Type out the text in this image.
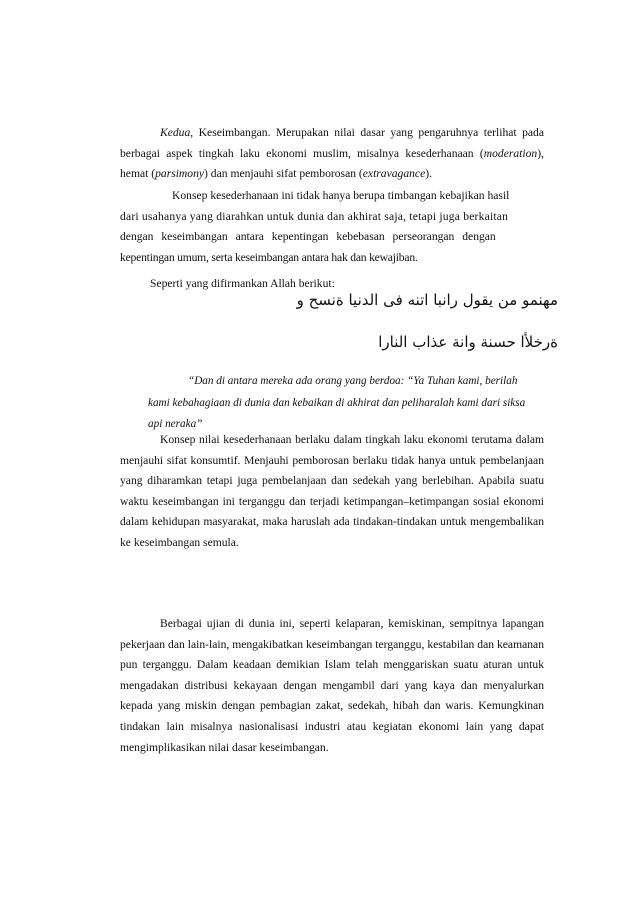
Kedua, Keseimbangan. Merupakan nilai dasar yang pengaruhnya terlihat pada berbagai aspek tingkah laku ekonomi muslim, misalnya kesederhanaan (moderation), hemat (parsimony) dan menjauhi sifat pemborosan (extravagance).

Konsep kesederhanaan ini tidak hanya berupa timbangan kebajikan hasil
dari usahanya yang diarahkan untuk dunia dan akhirat saja, tetapi juga berkaitan
dengan keseimbangan antara kepentingan kebebasan perseorangan dengan
kepentingan umum, serta keseimbangan antara hak dan kewajiban.

Seperti yang difirmankan Allah berikut:
مهنمو من يقول رانبا اتنه ﻓﻰ الدنيا ةنسح و
ةرخلأا حسنة وانة عذاب النارا
“Dan di antara mereka ada orang yang berdoa: “Ya Tuhan kami, berilah
kami kebahagiaan di dunia dan kebaikan di akhirat dan peliharalah kami dari siksa api neraka”

Konsep nilai kesederhanaan berlaku dalam tingkah laku ekonomi terutama dalam menjauhi sifat konsumtif. Menjauhi pemborosan berlaku tidak hanya untuk pembelanjaan yang diharamkan tetapi juga pembelanjaan dan sedekah yang berlebihan. Apabila suatu waktu keseimbangan ini terganggu dan terjadi ketimpangan–ketimpangan sosial ekonomi dalam kehidupan masyarakat, maka haruslah ada tindakan-tindakan untuk mengembalikan ke keseimbangan semula.

Berbagai ujian di dunia ini, seperti kelaparan, kemiskinan, sempitnya lapangan pekerjaan dan lain-lain, mengakibatkan keseimbangan terganggu, kestabilan dan keamanan pun terganggu. Dalam keadaan demikian Islam telah menggariskan suatu aturan untuk mengadakan distribusi kekayaan dengan mengambil dari yang kaya dan menyalurkan kepada yang miskin dengan pembagian zakat, sedekah, hibah dan waris. Kemungkinan tindakan lain misalnya nasionalisasi industri atau kegiatan ekonomi lain yang dapat mengimplikasikan nilai dasar keseimbangan.
